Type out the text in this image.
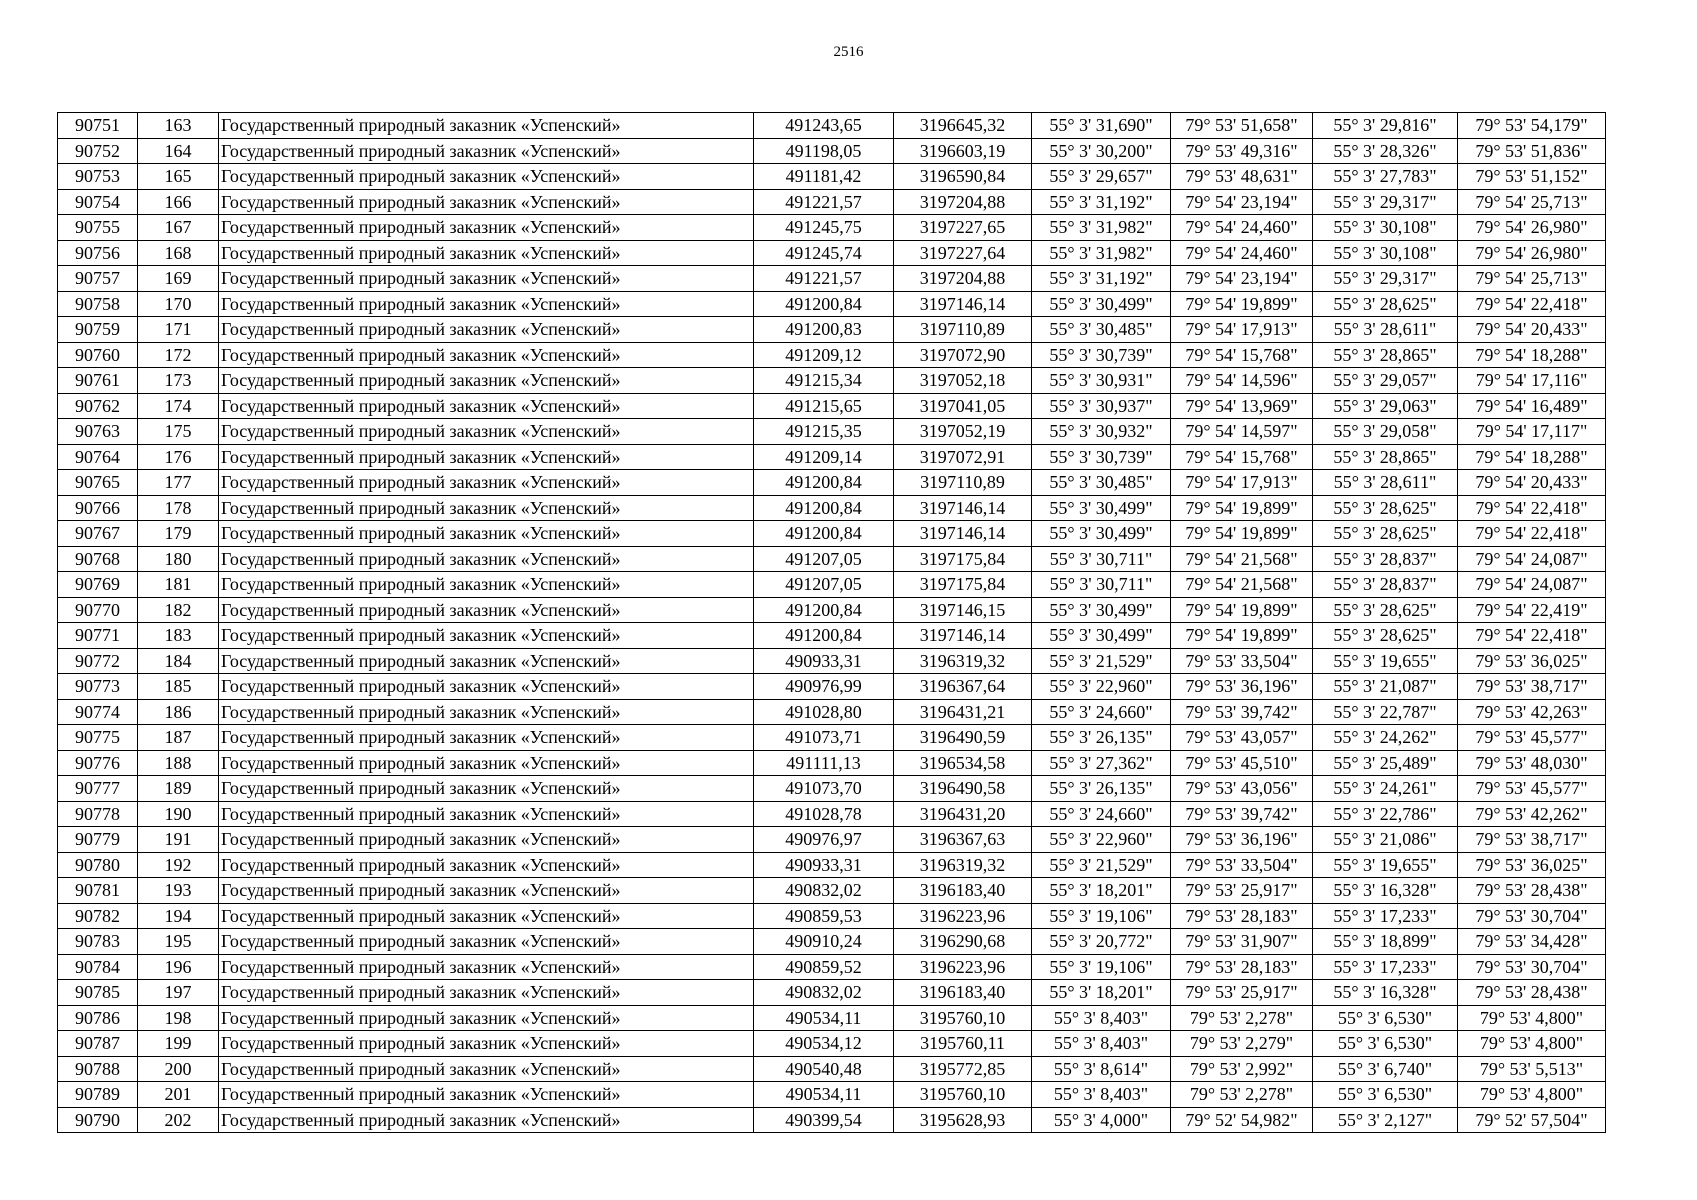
2516
90751	163	Государственный природный заказник «Успенский»	491243,65	3196645,32	55° 3' 31,690"	79° 53' 51,658"	55° 3' 29,816"	79° 53' 54,179"
90752	164	Государственный природный заказник «Успенский»	491198,05	3196603,19	55° 3' 30,200"	79° 53' 49,316"	55° 3' 28,326"	79° 53' 51,836"
90753	165	Государственный природный заказник «Успенский»	491181,42	3196590,84	55° 3' 29,657"	79° 53' 48,631"	55° 3' 27,783"	79° 53' 51,152"
90754	166	Государственный природный заказник «Успенский»	491221,57	3197204,88	55° 3' 31,192"	79° 54' 23,194"	55° 3' 29,317"	79° 54' 25,713"
90755	167	Государственный природный заказник «Успенский»	491245,75	3197227,65	55° 3' 31,982"	79° 54' 24,460"	55° 3' 30,108"	79° 54' 26,980"
90756	168	Государственный природный заказник «Успенский»	491245,74	3197227,64	55° 3' 31,982"	79° 54' 24,460"	55° 3' 30,108"	79° 54' 26,980"
90757	169	Государственный природный заказник «Успенский»	491221,57	3197204,88	55° 3' 31,192"	79° 54' 23,194"	55° 3' 29,317"	79° 54' 25,713"
90758	170	Государственный природный заказник «Успенский»	491200,84	3197146,14	55° 3' 30,499"	79° 54' 19,899"	55° 3' 28,625"	79° 54' 22,418"
90759	171	Государственный природный заказник «Успенский»	491200,83	3197110,89	55° 3' 30,485"	79° 54' 17,913"	55° 3' 28,611"	79° 54' 20,433"
90760	172	Государственный природный заказник «Успенский»	491209,12	3197072,90	55° 3' 30,739"	79° 54' 15,768"	55° 3' 28,865"	79° 54' 18,288"
90761	173	Государственный природный заказник «Успенский»	491215,34	3197052,18	55° 3' 30,931"	79° 54' 14,596"	55° 3' 29,057"	79° 54' 17,116"
90762	174	Государственный природный заказник «Успенский»	491215,65	3197041,05	55° 3' 30,937"	79° 54' 13,969"	55° 3' 29,063"	79° 54' 16,489"
90763	175	Государственный природный заказник «Успенский»	491215,35	3197052,19	55° 3' 30,932"	79° 54' 14,597"	55° 3' 29,058"	79° 54' 17,117"
90764	176	Государственный природный заказник «Успенский»	491209,14	3197072,91	55° 3' 30,739"	79° 54' 15,768"	55° 3' 28,865"	79° 54' 18,288"
90765	177	Государственный природный заказник «Успенский»	491200,84	3197110,89	55° 3' 30,485"	79° 54' 17,913"	55° 3' 28,611"	79° 54' 20,433"
90766	178	Государственный природный заказник «Успенский»	491200,84	3197146,14	55° 3' 30,499"	79° 54' 19,899"	55° 3' 28,625"	79° 54' 22,418"
90767	179	Государственный природный заказник «Успенский»	491200,84	3197146,14	55° 3' 30,499"	79° 54' 19,899"	55° 3' 28,625"	79° 54' 22,418"
90768	180	Государственный природный заказник «Успенский»	491207,05	3197175,84	55° 3' 30,711"	79° 54' 21,568"	55° 3' 28,837"	79° 54' 24,087"
90769	181	Государственный природный заказник «Успенский»	491207,05	3197175,84	55° 3' 30,711"	79° 54' 21,568"	55° 3' 28,837"	79° 54' 24,087"
90770	182	Государственный природный заказник «Успенский»	491200,84	3197146,15	55° 3' 30,499"	79° 54' 19,899"	55° 3' 28,625"	79° 54' 22,419"
90771	183	Государственный природный заказник «Успенский»	491200,84	3197146,14	55° 3' 30,499"	79° 54' 19,899"	55° 3' 28,625"	79° 54' 22,418"
90772	184	Государственный природный заказник «Успенский»	490933,31	3196319,32	55° 3' 21,529"	79° 53' 33,504"	55° 3' 19,655"	79° 53' 36,025"
90773	185	Государственный природный заказник «Успенский»	490976,99	3196367,64	55° 3' 22,960"	79° 53' 36,196"	55° 3' 21,087"	79° 53' 38,717"
90774	186	Государственный природный заказник «Успенский»	491028,80	3196431,21	55° 3' 24,660"	79° 53' 39,742"	55° 3' 22,787"	79° 53' 42,263"
90775	187	Государственный природный заказник «Успенский»	491073,71	3196490,59	55° 3' 26,135"	79° 53' 43,057"	55° 3' 24,262"	79° 53' 45,577"
90776	188	Государственный природный заказник «Успенский»	491111,13	3196534,58	55° 3' 27,362"	79° 53' 45,510"	55° 3' 25,489"	79° 53' 48,030"
90777	189	Государственный природный заказник «Успенский»	491073,70	3196490,58	55° 3' 26,135"	79° 53' 43,056"	55° 3' 24,261"	79° 53' 45,577"
90778	190	Государственный природный заказник «Успенский»	491028,78	3196431,20	55° 3' 24,660"	79° 53' 39,742"	55° 3' 22,786"	79° 53' 42,262"
90779	191	Государственный природный заказник «Успенский»	490976,97	3196367,63	55° 3' 22,960"	79° 53' 36,196"	55° 3' 21,086"	79° 53' 38,717"
90780	192	Государственный природный заказник «Успенский»	490933,31	3196319,32	55° 3' 21,529"	79° 53' 33,504"	55° 3' 19,655"	79° 53' 36,025"
90781	193	Государственный природный заказник «Успенский»	490832,02	3196183,40	55° 3' 18,201"	79° 53' 25,917"	55° 3' 16,328"	79° 53' 28,438"
90782	194	Государственный природный заказник «Успенский»	490859,53	3196223,96	55° 3' 19,106"	79° 53' 28,183"	55° 3' 17,233"	79° 53' 30,704"
90783	195	Государственный природный заказник «Успенский»	490910,24	3196290,68	55° 3' 20,772"	79° 53' 31,907"	55° 3' 18,899"	79° 53' 34,428"
90784	196	Государственный природный заказник «Успенский»	490859,52	3196223,96	55° 3' 19,106"	79° 53' 28,183"	55° 3' 17,233"	79° 53' 30,704"
90785	197	Государственный природный заказник «Успенский»	490832,02	3196183,40	55° 3' 18,201"	79° 53' 25,917"	55° 3' 16,328"	79° 53' 28,438"
90786	198	Государственный природный заказник «Успенский»	490534,11	3195760,10	55° 3' 8,403"	79° 53' 2,278"	55° 3' 6,530"	79° 53' 4,800"
90787	199	Государственный природный заказник «Успенский»	490534,12	3195760,11	55° 3' 8,403"	79° 53' 2,279"	55° 3' 6,530"	79° 53' 4,800"
90788	200	Государственный природный заказник «Успенский»	490540,48	3195772,85	55° 3' 8,614"	79° 53' 2,992"	55° 3' 6,740"	79° 53' 5,513"
90789	201	Государственный природный заказник «Успенский»	490534,11	3195760,10	55° 3' 8,403"	79° 53' 2,278"	55° 3' 6,530"	79° 53' 4,800"
90790	202	Государственный природный заказник «Успенский»	490399,54	3195628,93	55° 3' 4,000"	79° 52' 54,982"	55° 3' 2,127"	79° 52' 57,504"
